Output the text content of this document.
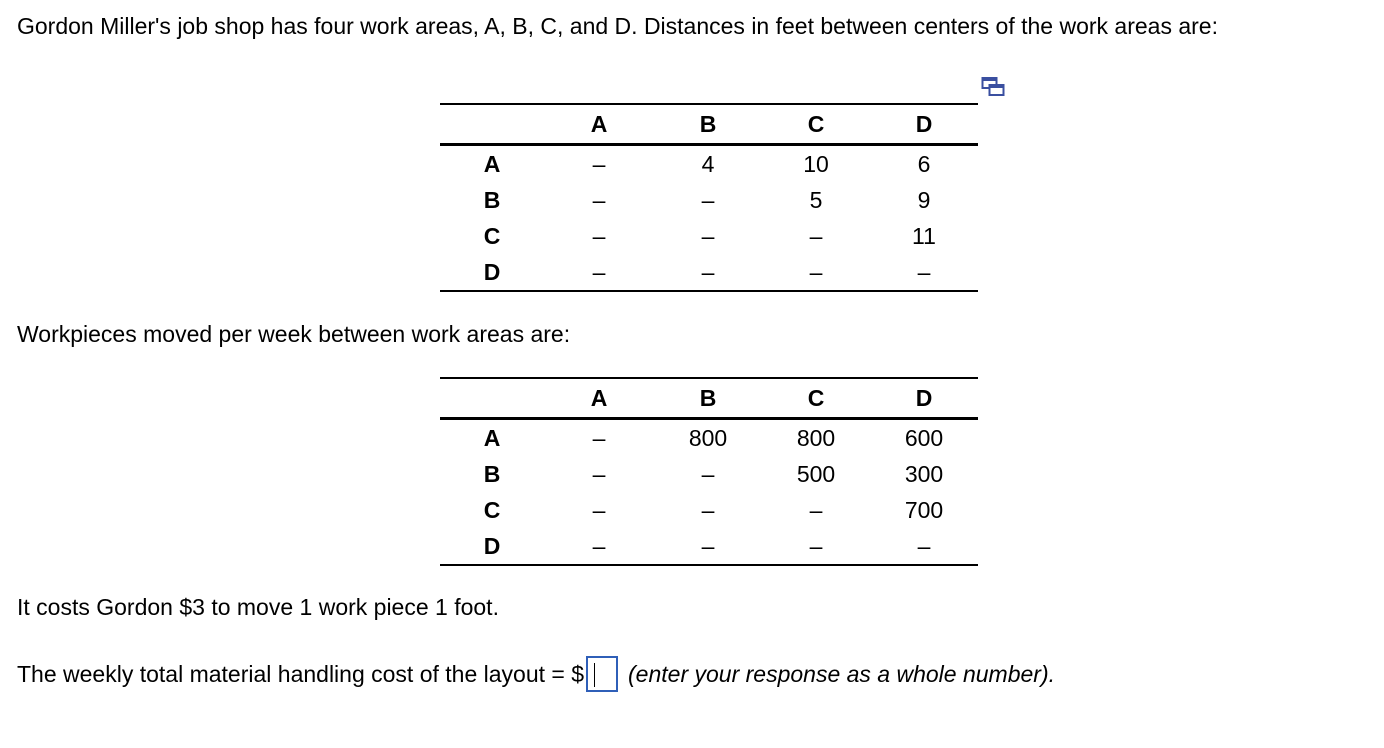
Gordon Miller's job shop has four work areas, A, B, C, and D. Distances in feet between centers of the work areas are:
	A	B	C	D
A	–	4	10	6
B	–	–	5	9
C	–	–	–	11
D	–	–	–	–
Workpieces moved per week between work areas are:
	A	B	C	D
A	–	800	800	600
B	–	–	500	300
C	–	–	–	700
D	–	–	–	–
It costs Gordon $3 to move 1 work piece 1 foot.
The weekly total material handling cost of the layout = $ (enter your response as a whole number).
